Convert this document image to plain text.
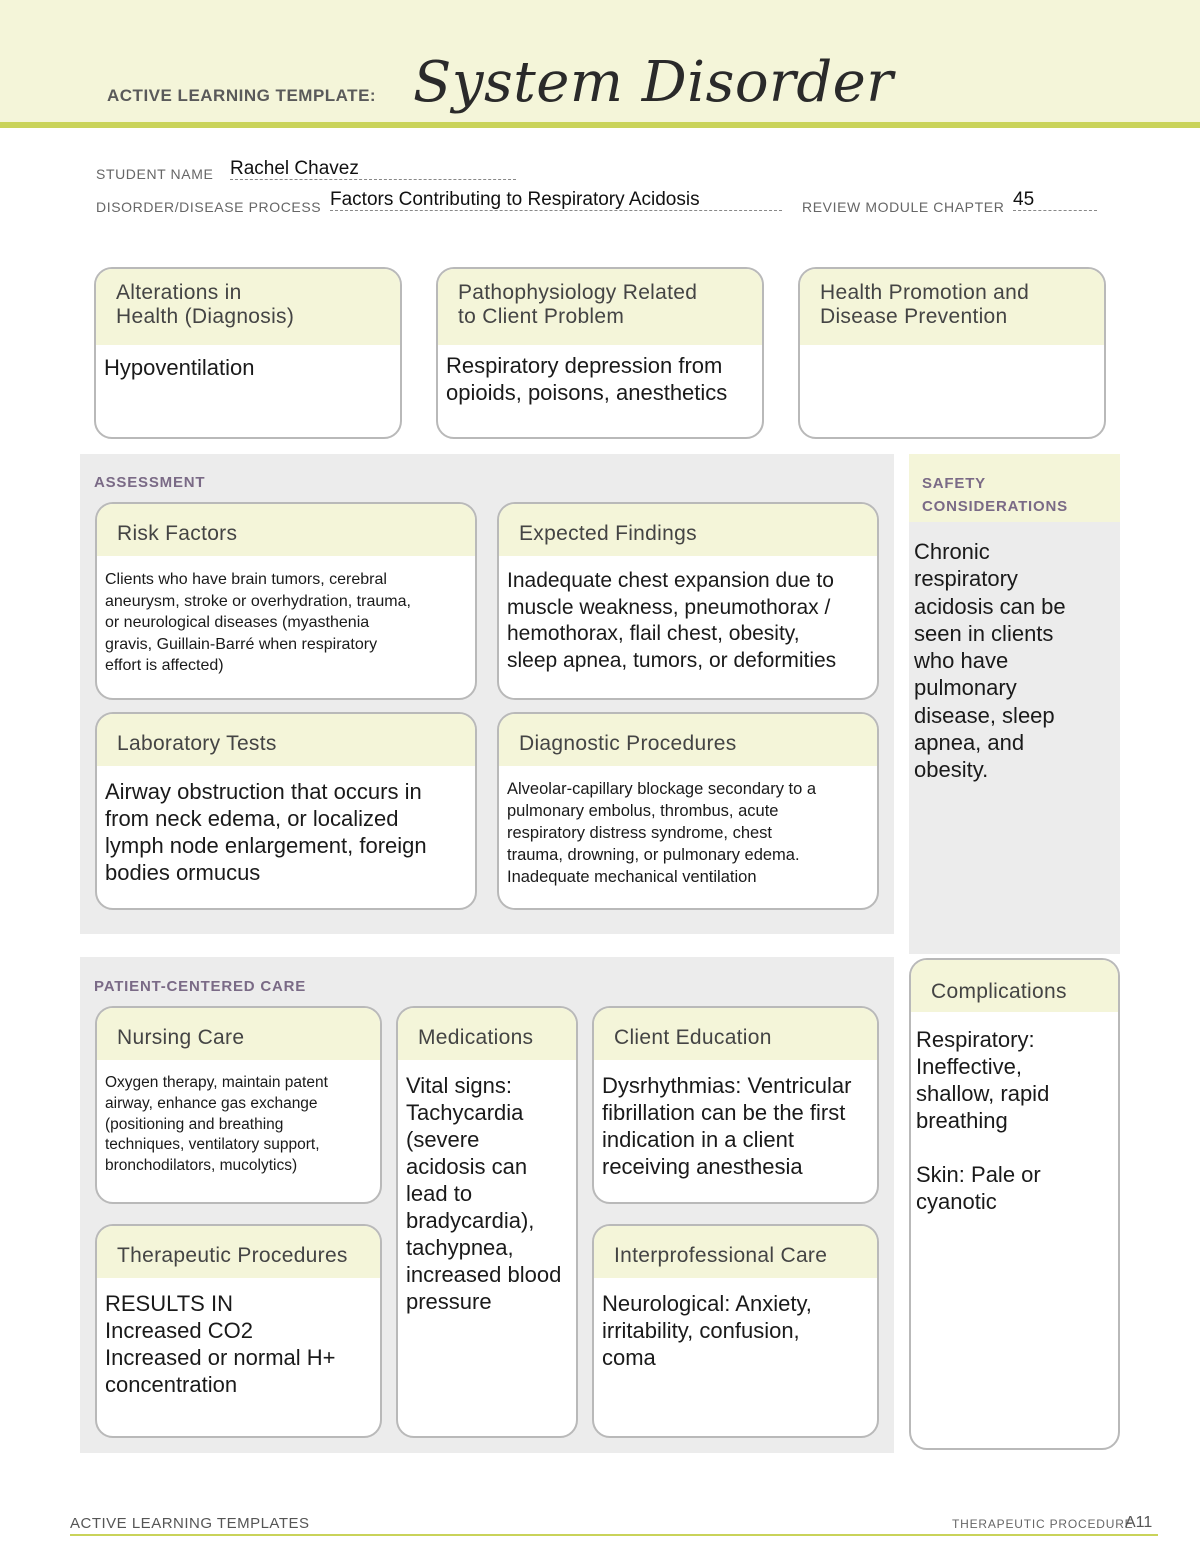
ACTIVE LEARNING TEMPLATE: System Disorder
STUDENT NAME Rachel Chavez
DISORDER/DISEASE PROCESS Factors Contributing to Respiratory Acidosis	REVIEW MODULE CHAPTER 45
Alterations in
Health (Diagnosis)
Hypoventilation
Pathophysiology Related
to Client Problem
Respiratory depression from
opioids, poisons, anesthetics
Health Promotion and
Disease Prevention
ASSESSMENT
Risk Factors
Clients who have brain tumors, cerebral
aneurysm, stroke or overhydration, trauma,
or neurological diseases (myasthenia
gravis, Guillain-Barré when respiratory
effort is affected)
Expected Findings
Inadequate chest expansion due to
muscle weakness, pneumothorax /
hemothorax, flail chest, obesity,
sleep apnea, tumors, or deformities
Laboratory Tests
Airway obstruction that occurs in
from neck edema, or localized
lymph node enlargement, foreign
bodies ormucus
Diagnostic Procedures
Alveolar-capillary blockage secondary to a
pulmonary embolus, thrombus, acute
respiratory distress syndrome, chest
trauma, drowning, or pulmonary edema.
Inadequate mechanical ventilation
SAFETY
CONSIDERATIONS
Chronic
respiratory
acidosis can be
seen in clients
who have
pulmonary
disease, sleep
apnea, and
obesity.
PATIENT-CENTERED CARE
Nursing Care
Oxygen therapy, maintain patent
airway, enhance gas exchange
(positioning and breathing
techniques, ventilatory support,
bronchodilators, mucolytics)
Medications
Vital signs:
Tachycardia
(severe
acidosis can
lead to
bradycardia),
tachypnea,
increased blood
pressure
Client Education
Dysrhythmias: Ventricular
fibrillation can be the first
indication in a client
receiving anesthesia
Therapeutic Procedures
RESULTS IN
Increased CO2
Increased or normal H+
concentration
Interprofessional Care
Neurological: Anxiety,
irritability, confusion,
coma
Complications
Respiratory:
Ineffective,
shallow, rapid
breathing
Skin: Pale or
cyanotic
ACTIVE LEARNING TEMPLATES	THERAPEUTIC PROCEDURE
A11
